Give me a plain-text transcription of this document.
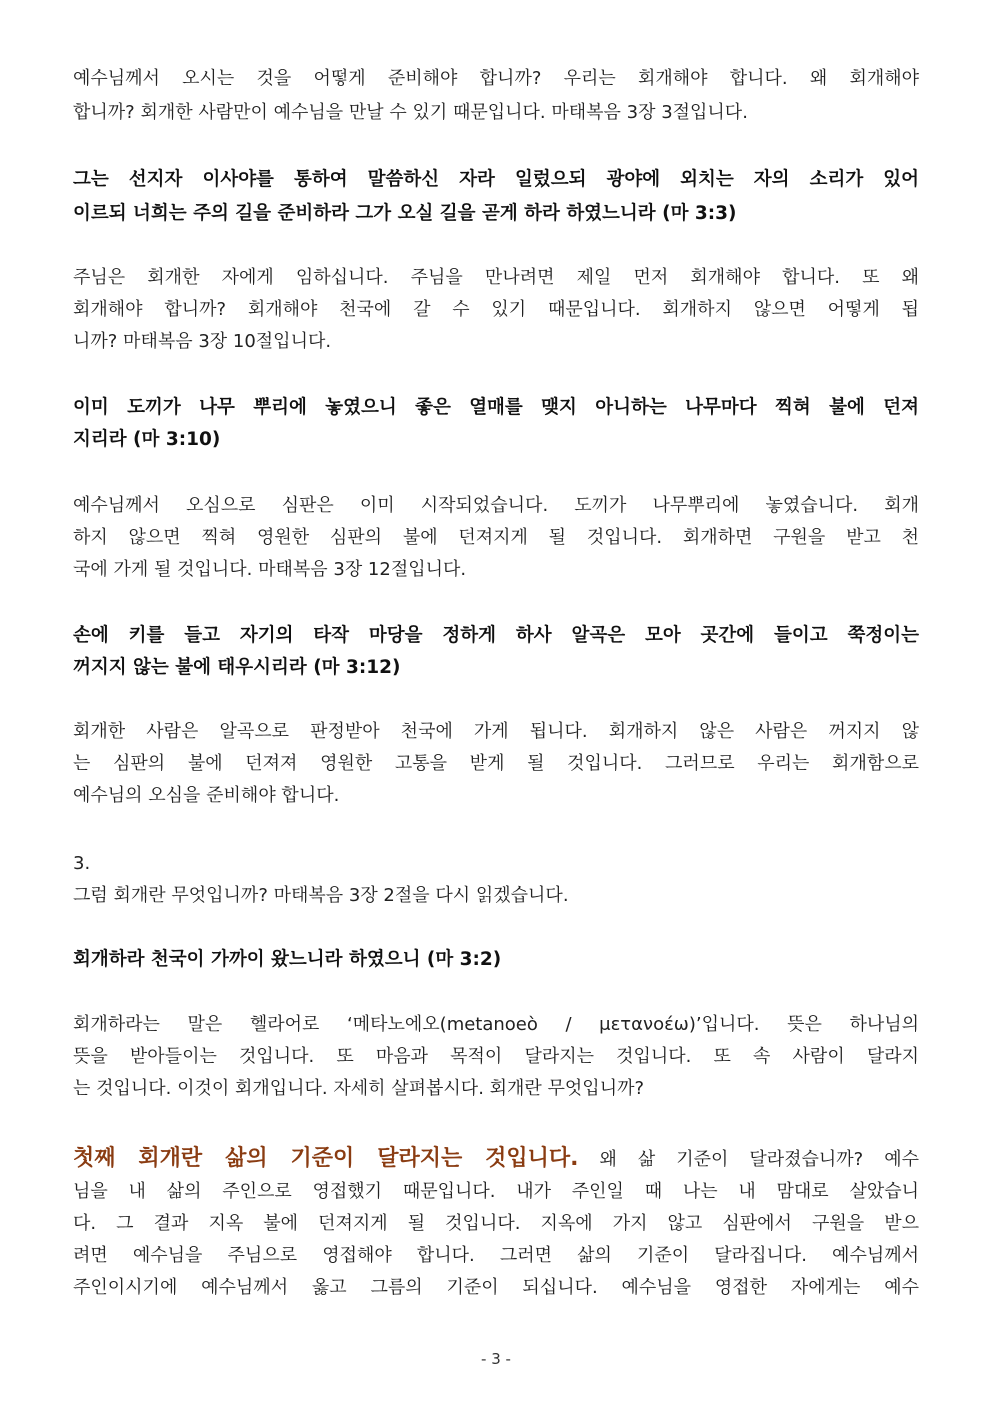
예수님께서 오시는 것을 어떻게 준비해야 합니까? 우리는 회개해야 합니다. 왜 회개해야
합니까? 회개한 사람만이 예수님을 만날 수 있기 때문입니다. 마태복음 3장 3절입니다.
그는 선지자 이사야를 통하여 말씀하신 자라 일렀으되 광야에 외치는 자의 소리가 있어
이르되 너희는 주의 길을 준비하라 그가 오실 길을 곧게 하라 하였느니라 (마 3:3)
주님은 회개한 자에게 임하십니다. 주님을 만나려면 제일 먼저 회개해야 합니다. 또 왜
회개해야 합니까? 회개해야 천국에 갈 수 있기 때문입니다. 회개하지 않으면 어떻게 됩
니까? 마태복음 3장 10절입니다.
이미 도끼가 나무 뿌리에 놓였으니 좋은 열매를 맺지 아니하는 나무마다 찍혀 불에 던져
지리라 (마 3:10)
예수님께서 오심으로 심판은 이미 시작되었습니다. 도끼가 나무뿌리에 놓였습니다. 회개
하지 않으면 찍혀 영원한 심판의 불에 던져지게 될 것입니다. 회개하면 구원을 받고 천
국에 가게 될 것입니다. 마태복음 3장 12절입니다.
손에 키를 들고 자기의 타작 마당을 정하게 하사 알곡은 모아 곳간에 들이고 쭉정이는
꺼지지 않는 불에 태우시리라 (마 3:12)
회개한 사람은 알곡으로 판정받아 천국에 가게 됩니다. 회개하지 않은 사람은 꺼지지 않
는 심판의 불에 던져져 영원한 고통을 받게 될 것입니다. 그러므로 우리는 회개함으로
예수님의 오심을 준비해야 합니다.
3.
그럼 회개란 무엇입니까? 마태복음 3장 2절을 다시 읽겠습니다.
회개하라 천국이 가까이 왔느니라 하였으니 (마 3:2)
회개하라는 말은 헬라어로 ‘메타노에오(metanoeò / μετανοέω)’입니다. 뜻은 하나님의
뜻을 받아들이는 것입니다. 또 마음과 목적이 달라지는 것입니다. 또 속 사람이 달라지
는 것입니다. 이것이 회개입니다. 자세히 살펴봅시다. 회개란 무엇입니까?
첫째 회개란 삶의 기준이 달라지는 것입니다. 왜 삶 기준이 달라졌습니까? 예수
님을 내 삶의 주인으로 영접했기 때문입니다. 내가 주인일 때 나는 내 맘대로 살았습니
다. 그 결과 지옥 불에 던져지게 될 것입니다. 지옥에 가지 않고 심판에서 구원을 받으
려면 예수님을 주님으로 영접해야 합니다. 그러면 삶의 기준이 달라집니다. 예수님께서
주인이시기에 예수님께서 옳고 그름의 기준이 되십니다. 예수님을 영접한 자에게는 예수
- 3 -
